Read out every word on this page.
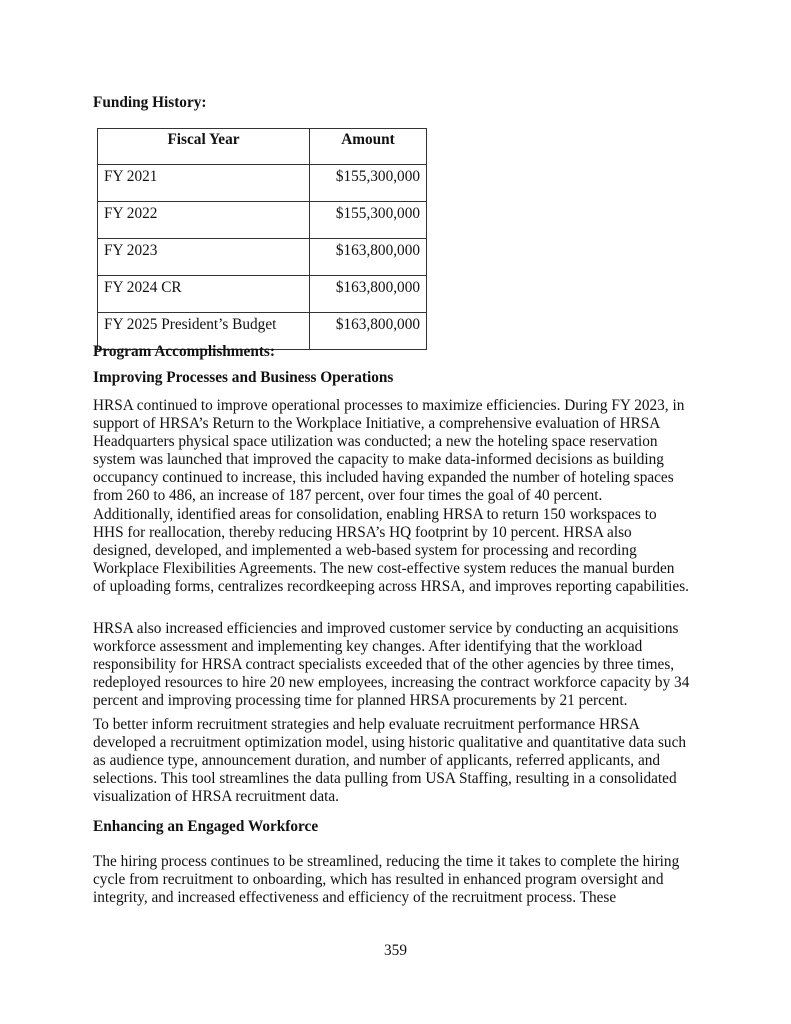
Funding History:
Fiscal Year	Amount
FY 2021	$155,300,000
FY 2022	$155,300,000
FY 2023	$163,800,000
FY 2024 CR	$163,800,000
FY 2025 President’s Budget	$163,800,000
Program Accomplishments:
Improving Processes and Business Operations
HRSA continued to improve operational processes to maximize efficiencies. During FY 2023, in
support of HRSA’s Return to the Workplace Initiative, a comprehensive evaluation of HRSA
Headquarters physical space utilization was conducted; a new the hoteling space reservation
system was launched that improved the capacity to make data-informed decisions as building
occupancy continued to increase, this included having expanded the number of hoteling spaces
from 260 to 486, an increase of 187 percent, over four times the goal of 40 percent.
Additionally, identified areas for consolidation, enabling HRSA to return 150 workspaces to
HHS for reallocation, thereby reducing HRSA’s HQ footprint by 10 percent. HRSA also
designed, developed, and implemented a web-based system for processing and recording
Workplace Flexibilities Agreements. The new cost-effective system reduces the manual burden
of uploading forms, centralizes recordkeeping across HRSA, and improves reporting capabilities.
HRSA also increased efficiencies and improved customer service by conducting an acquisitions
workforce assessment and implementing key changes. After identifying that the workload
responsibility for HRSA contract specialists exceeded that of the other agencies by three times,
redeployed resources to hire 20 new employees, increasing the contract workforce capacity by 34
percent and improving processing time for planned HRSA procurements by 21 percent.
To better inform recruitment strategies and help evaluate recruitment performance HRSA
developed a recruitment optimization model, using historic qualitative and quantitative data such
as audience type, announcement duration, and number of applicants, referred applicants, and
selections. This tool streamlines the data pulling from USA Staffing, resulting in a consolidated
visualization of HRSA recruitment data.
Enhancing an Engaged Workforce
The hiring process continues to be streamlined, reducing the time it takes to complete the hiring
cycle from recruitment to onboarding, which has resulted in enhanced program oversight and
integrity, and increased effectiveness and efficiency of the recruitment process. These
359
